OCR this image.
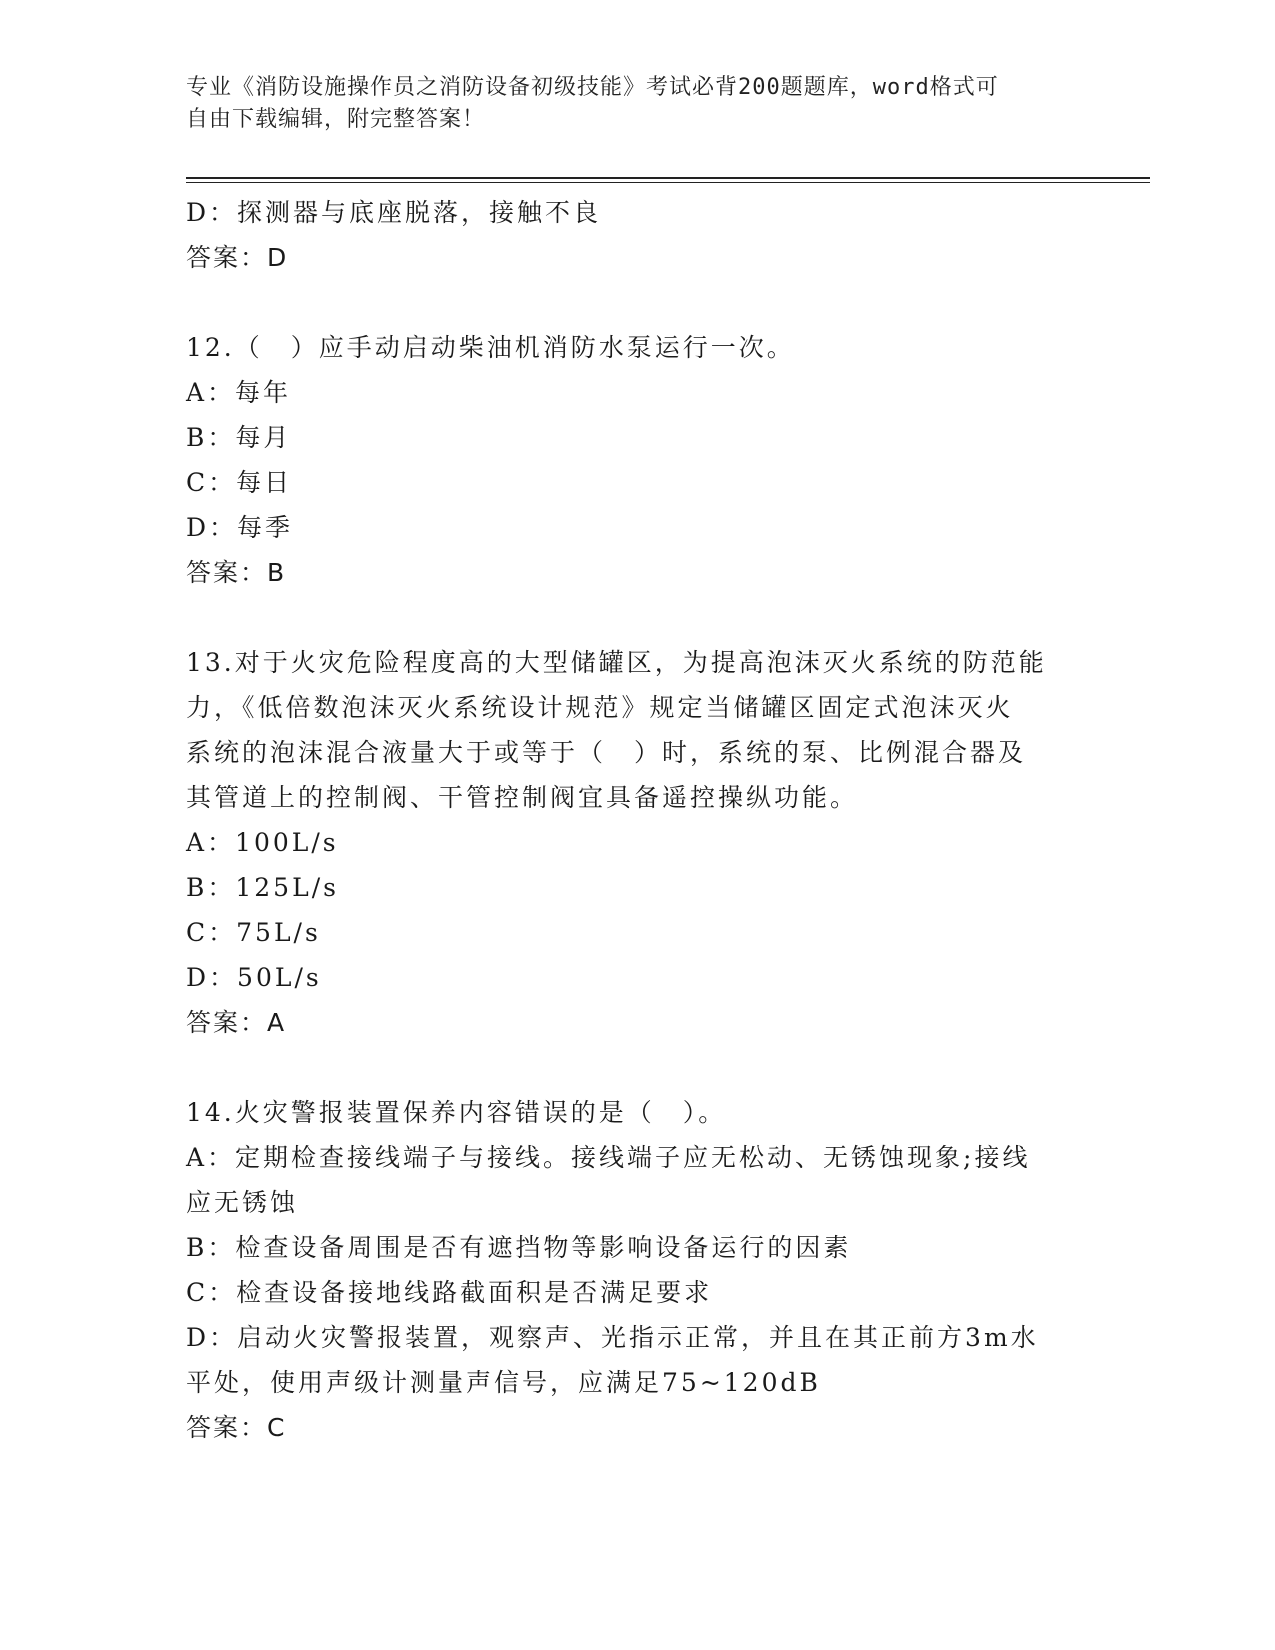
专业《消防设施操作员之消防设备初级技能》考试必背200题题库，word格式可
自由下载编辑，附完整答案！
D：探测器与底座脱落，接触不良
答案：D
12.（　）应手动启动柴油机消防水泵运行一次。
A：每年
B：每月
C：每日
D：每季
答案：B
13.对于火灾危险程度高的大型储罐区，为提高泡沫灭火系统的防范能
力，《低倍数泡沫灭火系统设计规范》规定当储罐区固定式泡沫灭火
系统的泡沫混合液量大于或等于（　）时，系统的泵、比例混合器及
其管道上的控制阀、干管控制阀宜具备遥控操纵功能。
A：100L/s
B：125L/s
C：75L/s
D：50L/s
答案：A
14.火灾警报装置保养内容错误的是（　）。
A：定期检查接线端子与接线。接线端子应无松动、无锈蚀现象;接线
应无锈蚀
B：检查设备周围是否有遮挡物等影响设备运行的因素
C：检查设备接地线路截面积是否满足要求
D：启动火灾警报装置，观察声、光指示正常，并且在其正前方3m水
平处，使用声级计测量声信号，应满足75~120dB
答案：C
